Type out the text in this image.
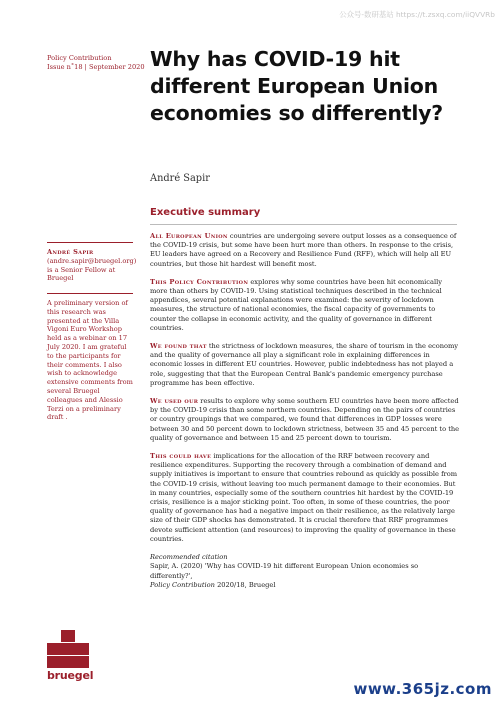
公众号-数研基站 https://t.zsxq.com/iiQVVRb
Policy Contribution
Issue n˚18 | September 2020 Why has COVID-19 hit different European Union economies so differently?
André Sapir
Executive summary
André Sapir (andre.sapir@bruegel.org) is a Senior Fellow at Bruegel
A preliminary version of this research was presented at the Villa Vigoni Euro Workshop held as a webinar on 17 July 2020. I am grateful to the participants for their comments. I also wish to acknowledge extensive comments from several Bruegel colleagues and Alessio Terzi on a preliminary draft .

All European Union countries are undergoing severe output losses as a consequence of the COVID-19 crisis, but some have been hurt more than others. In response to the crisis, EU leaders have agreed on a Recovery and Resilience Fund (RFF), which will help all EU countries, but those hit hardest will benefit most.

This Policy Contribution explores why some countries have been hit economically more than others by COVID-19. Using statistical techniques described in the technical appendices, several potential explanations were examined: the severity of lockdown measures, the structure of national economies, the fiscal capacity of governments to counter the collapse in economic activity, and the quality of governance in different countries.

We found that the strictness of lockdown measures, the share of tourism in the economy and the quality of governance all play a significant role in explaining differences in economic losses in different EU countries. However, public indebtedness has not played a role, suggesting that that the European Central Bank's pandemic emergency purchase programme has been effective.

We used our results to explore why some southern EU countries have been more affected by the COVID-19 crisis than some northern countries. Depending on the pairs of countries or country groupings that we compared, we found that differences in GDP losses were between 30 and 50 percent down to lockdown strictness, between 35 and 45 percent to the quality of governance and between 15 and 25 percent down to tourism.

This could have implications for the allocation of the RRF between recovery and resilience expenditures. Supporting the recovery through a combination of demand and supply initiatives is important to ensure that countries rebound as quickly as possible from the COVID-19 crisis, without leaving too much permanent damage to their economies. But in many countries, especially some of the southern countries hit hardest by the COVID-19 crisis, resilience is a major sticking point. Too often, in some of these countries, the poor quality of governance has had a negative impact on their resilience, as the relatively large size of their GDP shocks has demonstrated. It is crucial therefore that RRF programmes devote sufficient attention (and resources) to improving the quality of governance in these countries.

Recommended citation

Sapir, A. (2020) 'Why has COVID-19 hit different European Union economies so differently?',
Policy Contribution 2020/18, Bruegel

bruegel
www.365jz.com
